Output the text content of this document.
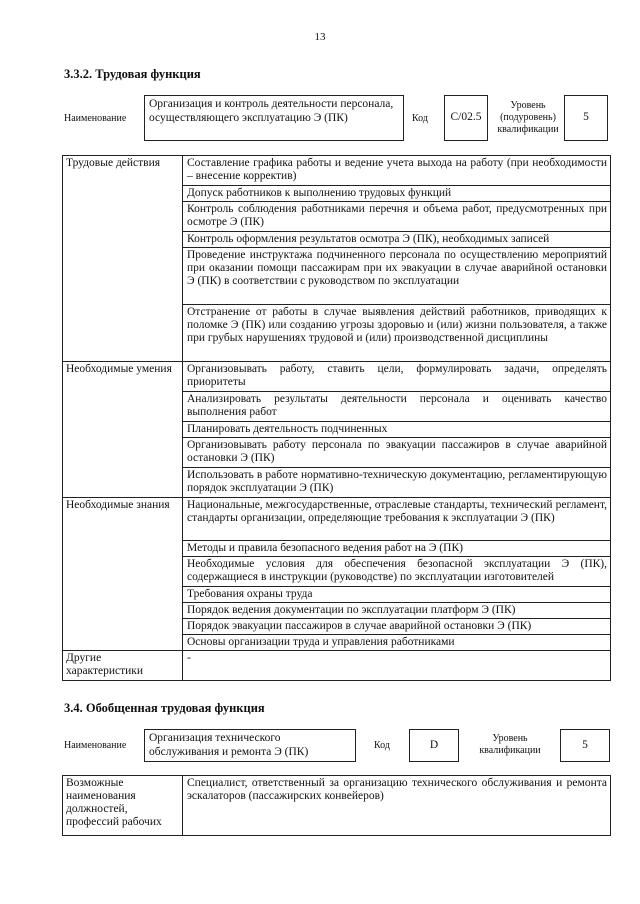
13
3.3.2. Трудовая функция
Наименование
Организация и контроль деятельности персонала, осуществляющего эксплуатацию Э (ПК)	Код C/02.5
Уровень
(подуровень)
квалификации
5
Трудовые действия	Составление графика работы и ведение учета выхода на работу (при необходимости – внесение корректив)
	Допуск работников к выполнению трудовых функций
	Контроль соблюдения работниками перечня и объема работ, предусмотренных при осмотре Э (ПК)
	Контроль оформления результатов осмотра Э (ПК), необходимых записей
	Проведение инструктажа подчиненного персонала по осуществлению мероприятий при оказании помощи пассажирам при их эвакуации в случае аварийной остановки Э (ПК) в соответствии с руководством по эксплуатации
	Отстранение от работы в случае выявления действий работников, приводящих к поломке Э (ПК) или созданию угрозы здоровью и (или) жизни пользователя, а также при грубых нарушениях трудовой и (или) производственной дисциплины
Необходимые умения	Организовывать работу, ставить цели, формулировать задачи, определять приоритеты
	Анализировать результаты деятельности персонала и оценивать качество выполнения работ
	Планировать деятельность подчиненных
	Организовывать работу персонала по эвакуации пассажиров в случае аварийной остановки Э (ПК)
	Использовать в работе нормативно-техническую документацию, регламентирующую порядок эксплуатации Э (ПК)
Необходимые знания	Национальные, межгосударственные, отраслевые стандарты, технический регламент, стандарты организации, определяющие требования к эксплуатации Э (ПК)
	Методы и правила безопасного ведения работ на Э (ПК)
	Необходимые условия для обеспечения безопасной эксплуатации Э (ПК), содержащиеся в инструкции (руководстве) по эксплуатации изготовителей
	Требования охраны труда
	Порядок ведения документации по эксплуатации платформ Э (ПК)
	Порядок эвакуации пассажиров в случае аварийной остановки Э (ПК)
	Основы организации труда и управления работниками
Другие характеристики	-
3.4. Обобщенная трудовая функция
Наименование
Организация технического обслуживания и ремонта Э (ПК)	Код	D
Уровень
квалификации	5
Возможные наименования должностей, профессий рабочих	Специалист, ответственный за организацию технического обслуживания и ремонта эскалаторов (пассажирских конвейеров)
